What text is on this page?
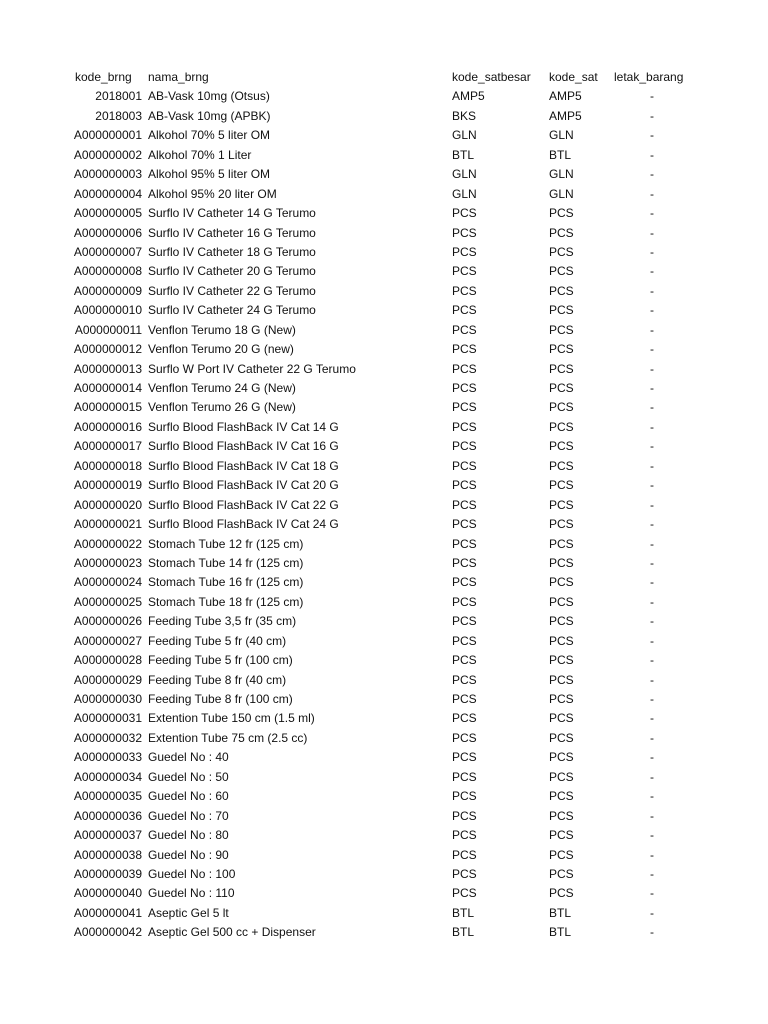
kode_brng nama_brng	kode_satbesar kode_sat letak_barang
2018001 AB-Vask 10mg (Otsus)	AMP5	AMP5	-
2018003 AB-Vask 10mg (APBK)	BKS	AMP5	-
A000000001 Alkohol 70% 5 liter OM	GLN	GLN	-
A000000002 Alkohol 70% 1 Liter	BTL	BTL	-
A000000003 Alkohol 95% 5 liter OM	GLN	GLN	-
A000000004 Alkohol 95% 20 liter OM	GLN	GLN	-
A000000005 Surflo IV Catheter 14 G Terumo	PCS	PCS	-
A000000006 Surflo IV Catheter 16 G Terumo	PCS	PCS	-
A000000007 Surflo IV Catheter 18 G Terumo	PCS	PCS	-
A000000008 Surflo IV Catheter 20 G Terumo	PCS	PCS	-
A000000009 Surflo IV Catheter 22 G Terumo	PCS	PCS	-
A000000010 Surflo IV Catheter 24 G Terumo	PCS	PCS	-
A000000011 Venflon Terumo 18 G (New)	PCS	PCS	-
A000000012 Venflon Terumo 20 G (new)	PCS	PCS	-
A000000013 Surflo W Port IV Catheter 22 G Terumo	PCS	PCS	-
A000000014 Venflon Terumo 24 G (New)	PCS	PCS	-
A000000015 Venflon Terumo 26 G (New)	PCS	PCS	-
A000000016 Surflo Blood FlashBack IV Cat 14 G	PCS	PCS	-
A000000017 Surflo Blood FlashBack IV Cat 16 G	PCS	PCS	-
A000000018 Surflo Blood FlashBack IV Cat 18 G	PCS	PCS	-
A000000019 Surflo Blood FlashBack IV Cat 20 G	PCS	PCS	-
A000000020 Surflo Blood FlashBack IV Cat 22 G	PCS	PCS	-
A000000021 Surflo Blood FlashBack IV Cat 24 G	PCS	PCS	-
A000000022 Stomach Tube 12 fr (125 cm)	PCS	PCS	-
A000000023 Stomach Tube 14 fr (125 cm)	PCS	PCS	-
A000000024 Stomach Tube 16 fr (125 cm)	PCS	PCS	-
A000000025 Stomach Tube 18 fr (125 cm)	PCS	PCS	-
A000000026 Feeding Tube 3,5 fr (35 cm)	PCS	PCS	-
A000000027 Feeding Tube 5 fr (40 cm)	PCS	PCS	-
A000000028 Feeding Tube 5 fr (100 cm)	PCS	PCS	-
A000000029 Feeding Tube 8 fr (40 cm)	PCS	PCS	-
A000000030 Feeding Tube 8 fr (100 cm)	PCS	PCS	-
A000000031 Extention Tube 150 cm (1.5 ml)	PCS	PCS	-
A000000032 Extention Tube 75 cm (2.5 cc)	PCS	PCS	-
A000000033 Guedel No : 40	PCS	PCS	-
A000000034 Guedel No : 50	PCS	PCS	-
A000000035 Guedel No : 60	PCS	PCS	-
A000000036 Guedel No : 70	PCS	PCS	-
A000000037 Guedel No : 80	PCS	PCS	-
A000000038 Guedel No : 90	PCS	PCS	-
A000000039 Guedel No : 100	PCS	PCS	-
A000000040 Guedel No : 110	PCS	PCS	-
A000000041 Aseptic Gel 5 lt	BTL	BTL	-
A000000042 Aseptic Gel 500 cc + Dispenser	BTL	BTL	-
